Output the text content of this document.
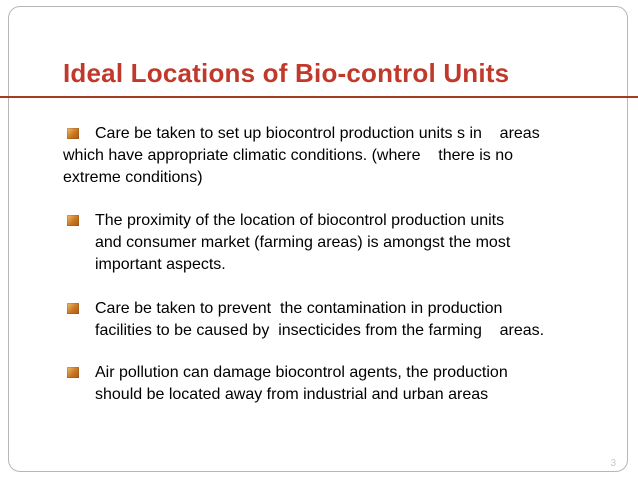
Ideal Locations of Bio-control Units
Care be taken to set up biocontrol production units s in    areas
which have appropriate climatic conditions. (where    there is no
extreme conditions)
The proximity of the location of biocontrol production units
and consumer market (farming areas) is amongst the most
important aspects.
Care be taken to prevent  the contamination in production
facilities to be caused by  insecticides from the farming    areas.
Air pollution can damage biocontrol agents, the production
should be located away from industrial and urban areas
3
